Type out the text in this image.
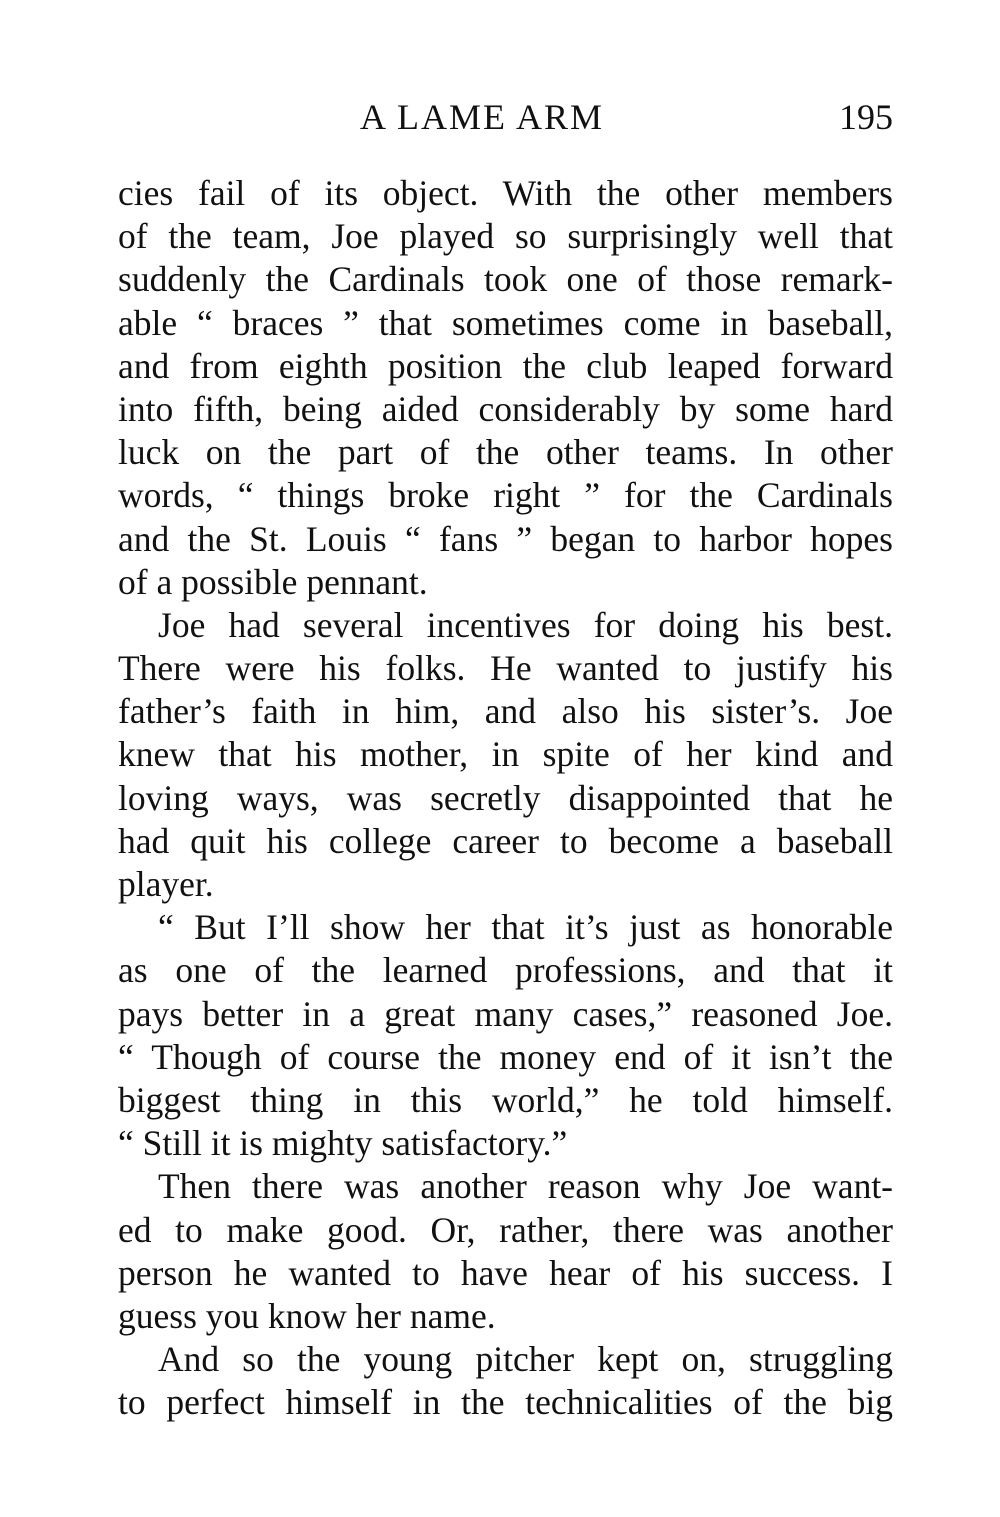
A LAME ARM	195
cies fail of its object. With the other members
of the team, Joe played so surprisingly well that
suddenly the Cardinals took one of those remark-
able “ braces ” that sometimes come in baseball,
and from eighth position the club leaped forward
into fifth, being aided considerably by some hard
luck on the part of the other teams. In other
words, “ things broke right ” for the Cardinals
and the St. Louis “ fans ” began to harbor hopes
of a possible pennant.
Joe had several incentives for doing his best.
There were his folks. He wanted to justify his
father’s faith in him, and also his sister’s. Joe
knew that his mother, in spite of her kind and
loving ways, was secretly disappointed that he
had quit his college career to become a baseball
player.
“ But I’ll show her that it’s just as honorable
as one of the learned professions, and that it
pays better in a great many cases,” reasoned Joe.
“ Though of course the money end of it isn’t the
biggest thing in this world,” he told himself.
“ Still it is mighty satisfactory.”
Then there was another reason why Joe want-
ed to make good. Or, rather, there was another
person he wanted to have hear of his success. I
guess you know her name.
And so the young pitcher kept on, struggling
to perfect himself in the technicalities of the big
